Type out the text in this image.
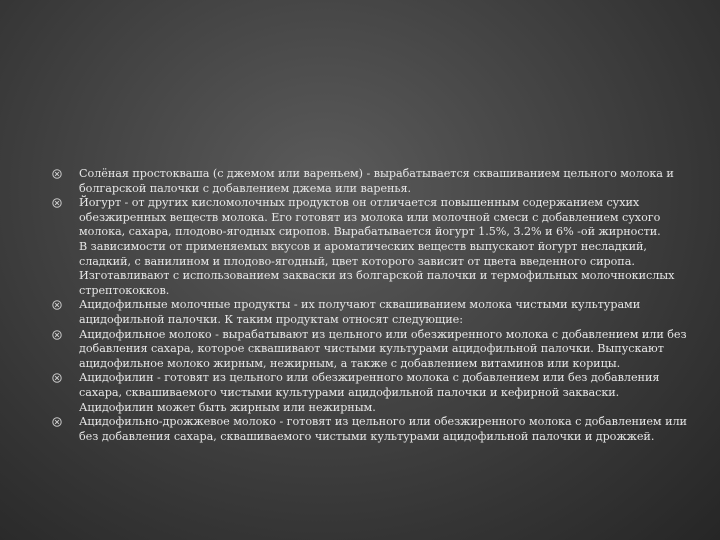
Солёная простокваша (с джемом или вареньем) - вырабатывается сквашиванием цельного молока и болгарской палочки с добавлением джема или варенья.
Йогурт - от других кисломолочных продуктов он отличается повышенным содержанием сухих обезжиренных веществ молока. Его готовят из молока или молочной смеси с добавлением сухого молока, сахара, плодово-ягодных сиропов. Вырабатывается йогурт 1.5%, 3.2% и 6% -ой жирности.
В зависимости от применяемых вкусов и ароматических веществ выпускают йогурт несладкий, сладкий, с ванилином и плодово-ягодный, цвет которого зависит от цвета введенного сиропа. Изготавливают с использованием закваски из болгарской палочки и термофильных молочнокислых стрептококков.
Ацидофильные молочные продукты - их получают сквашиванием молока чистыми культурами ацидофильной палочки. К таким продуктам относят следующие:
Ацидофильное молоко - вырабатывают из цельного или обезжиренного молока с добавлением или без добавления сахара, которое сквашивают чистыми культурами ацидофильной палочки. Выпускают ацидофильное молоко жирным, нежирным, а также с добавлением витаминов или корицы.
Ацидофилин - готовят из цельного или обезжиренного молока с добавлением или без добавления сахара, сквашиваемого чистыми культурами ацидофильной палочки и кефирной закваски. Ацидофилин может быть жирным или нежирным.
Ацидофильно-дрожжевое молоко - готовят из цельного или обезжиренного молока с добавлением или без добавления сахара, сквашиваемого чистыми культурами ацидофильной палочки и дрожжей.
